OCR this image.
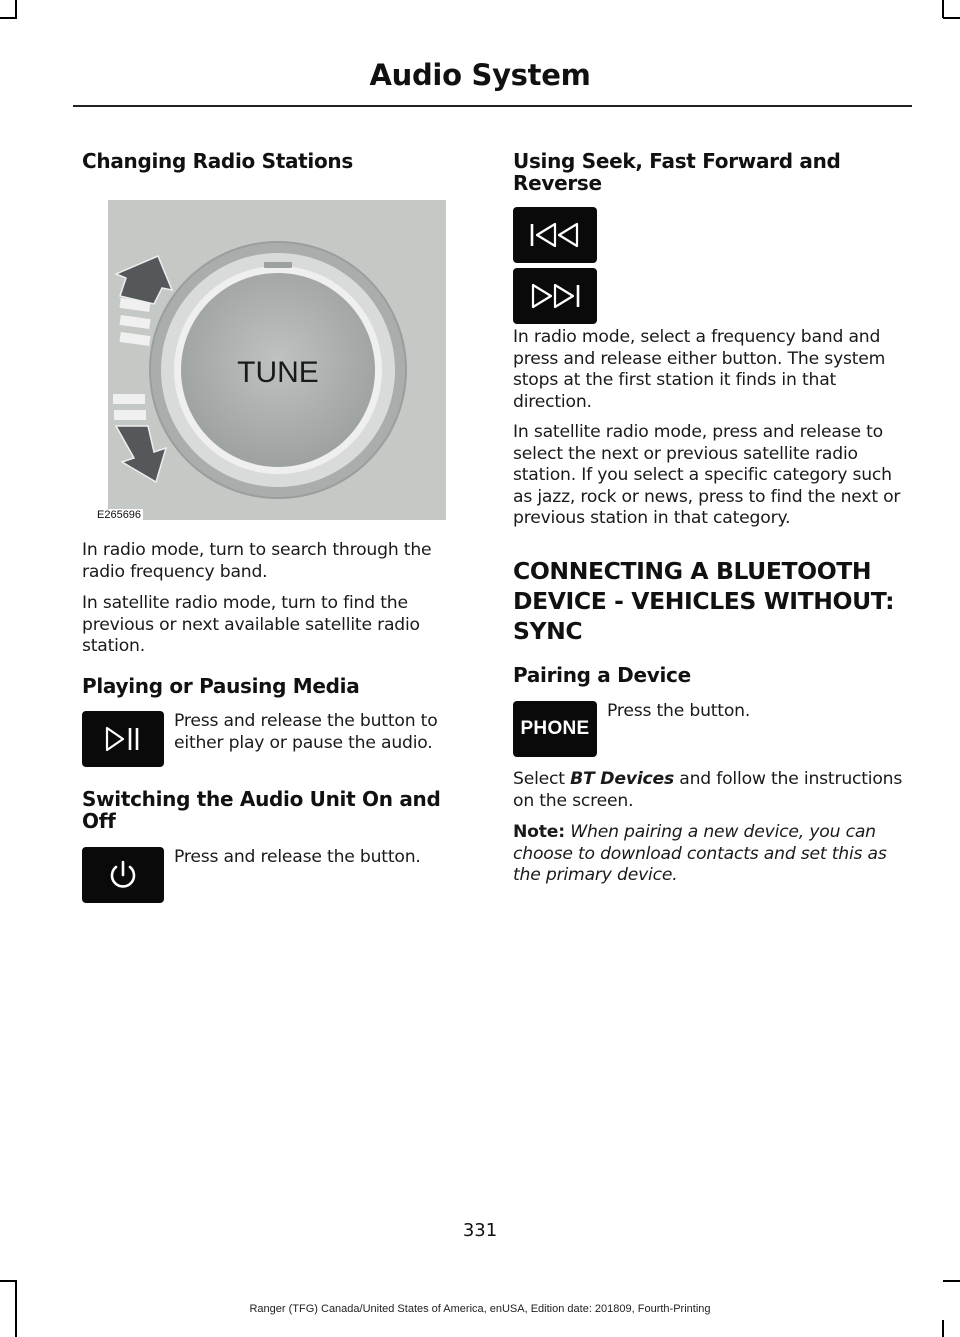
Audio System
Changing Radio Stations
TUNE
E265696

In radio mode, turn to search through the radio frequency band.

In satellite radio mode, turn to find the previous or next available satellite radio station.

Playing or Pausing Media

Press and release the button to either play or pause the audio.

Switching the Audio Unit On and Off

Press and release the button.

Using Seek, Fast Forward and Reverse

In radio mode, select a frequency band and press and release either button. The system stops at the first station it finds in that direction.

In satellite radio mode, press and release to select the next or previous satellite radio station. If you select a specific category such as jazz, rock or news, press to find the next or previous station in that category.

CONNECTING A BLUETOOTH DEVICE - VEHICLES WITHOUT: SYNC
Pairing a Device
PHONE

Press the button.

Select BT Devices and follow the instructions on the screen.

Note: When pairing a new device, you can choose to download contacts and set this as the primary device.

331
Ranger (TFG) Canada/United States of America, enUSA, Edition date: 201809, Fourth-Printing
